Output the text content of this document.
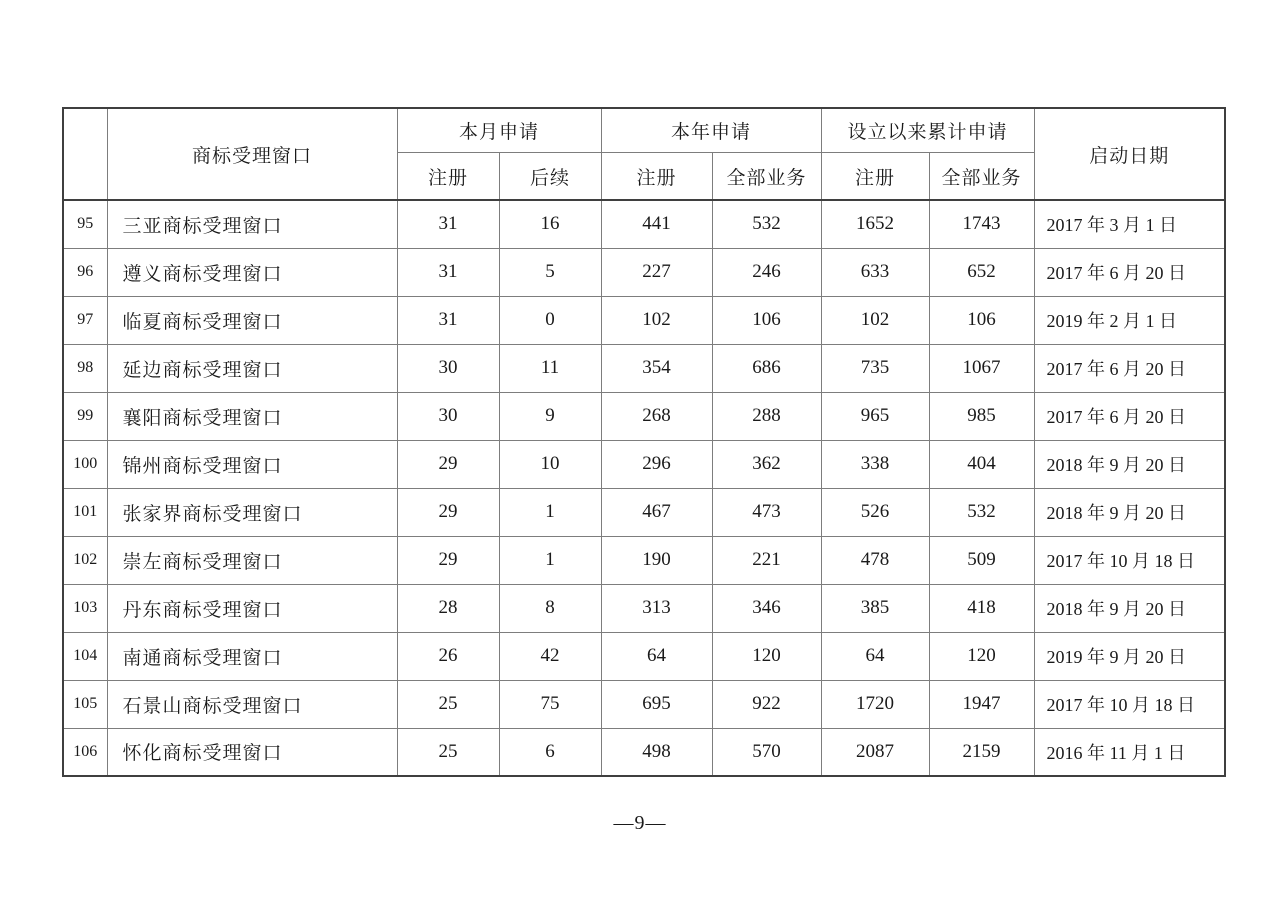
	商标受理窗口	本月申请		本年申请		设立以来累计申请		启动日期
		注册	后续	注册	全部业务	注册	全部业务	
95	三亚商标受理窗口	31	16	441	532	1652	1743	2017 年 3 月 1 日
96	遵义商标受理窗口	31	5	227	246	633	652	2017 年 6 月 20 日
97	临夏商标受理窗口	31	0	102	106	102	106	2019 年 2 月 1 日
98	延边商标受理窗口	30	11	354	686	735	1067	2017 年 6 月 20 日
99	襄阳商标受理窗口	30	9	268	288	965	985	2017 年 6 月 20 日
100	锦州商标受理窗口	29	10	296	362	338	404	2018 年 9 月 20 日
101	张家界商标受理窗口	29	1	467	473	526	532	2018 年 9 月 20 日
102	崇左商标受理窗口	29	1	190	221	478	509	2017 年 10 月 18 日
103	丹东商标受理窗口	28	8	313	346	385	418	2018 年 9 月 20 日
104	南通商标受理窗口	26	42	64	120	64	120	2019 年 9 月 20 日
105	石景山商标受理窗口	25	75	695	922	1720	1947	2017 年 10 月 18 日
106	怀化商标受理窗口	25	6	498	570	2087	2159	2016 年 11 月 1 日
—9—
